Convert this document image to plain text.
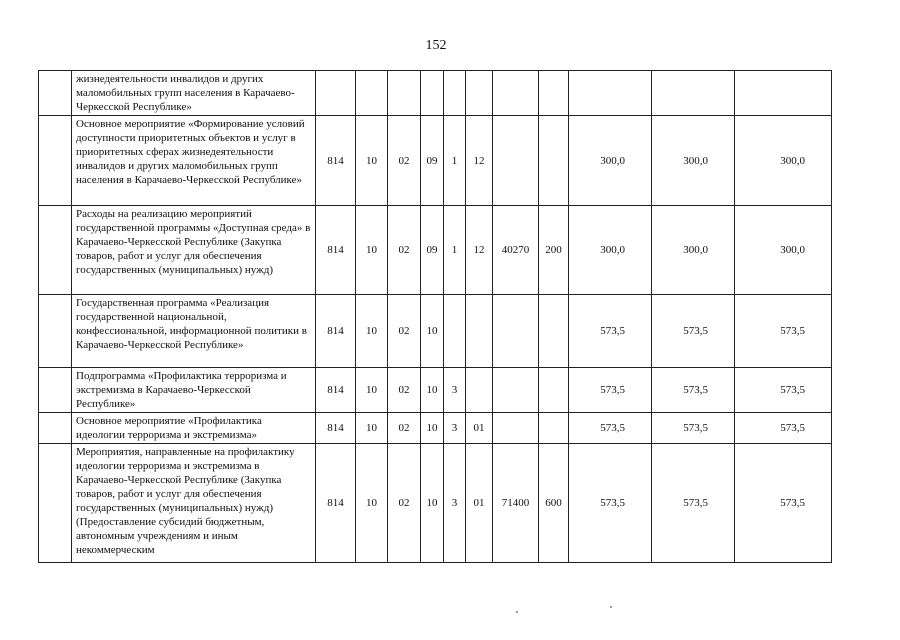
152
	жизнедеятельности инвалидов и других маломобильных групп населения в Карачаево-Черкесской Республике»											
	Основное мероприятие «Формирование условий доступности приоритетных объектов и услуг в приоритетных сферах жизнедеятельности инвалидов и других маломобильных групп населения в Карачаево-Черкесской Республике»	814	10	02	09	1	12			300,0	300,0	300,0
	Расходы на реализацию мероприятий государственной программы «Доступная среда» в Карачаево-Черкесской Республике (Закупка товаров, работ и услуг для обеспечения государственных (муниципальных) нужд)	814	10	02	09	1	12	40270	200	300,0	300,0	300,0
	Государственная программа «Реализация государственной национальной, конфессиональной, информационной политики в Карачаево-Черкесской Республике»	814	10	02	10					573,5	573,5	573,5
	Подпрограмма «Профилактика терроризма и экстремизма в Карачаево-Черкесской Республике»	814	10	02	10	3				573,5	573,5	573,5
	Основное мероприятие «Профилактика идеологии терроризма и экстремизма»	814	10	02	10	3	01			573,5	573,5	573,5
	Мероприятия, направленные на профилактику идеологии терроризма и экстремизма в Карачаево-Черкесской Республике (Закупка товаров, работ и услуг для обеспечения государственных (муниципальных) нужд) (Предоставление субсидий бюджетным, автономным учреждениям и иным некоммерческим	814	10	02	10	3	01	71400	600	573,5	573,5	573,5
